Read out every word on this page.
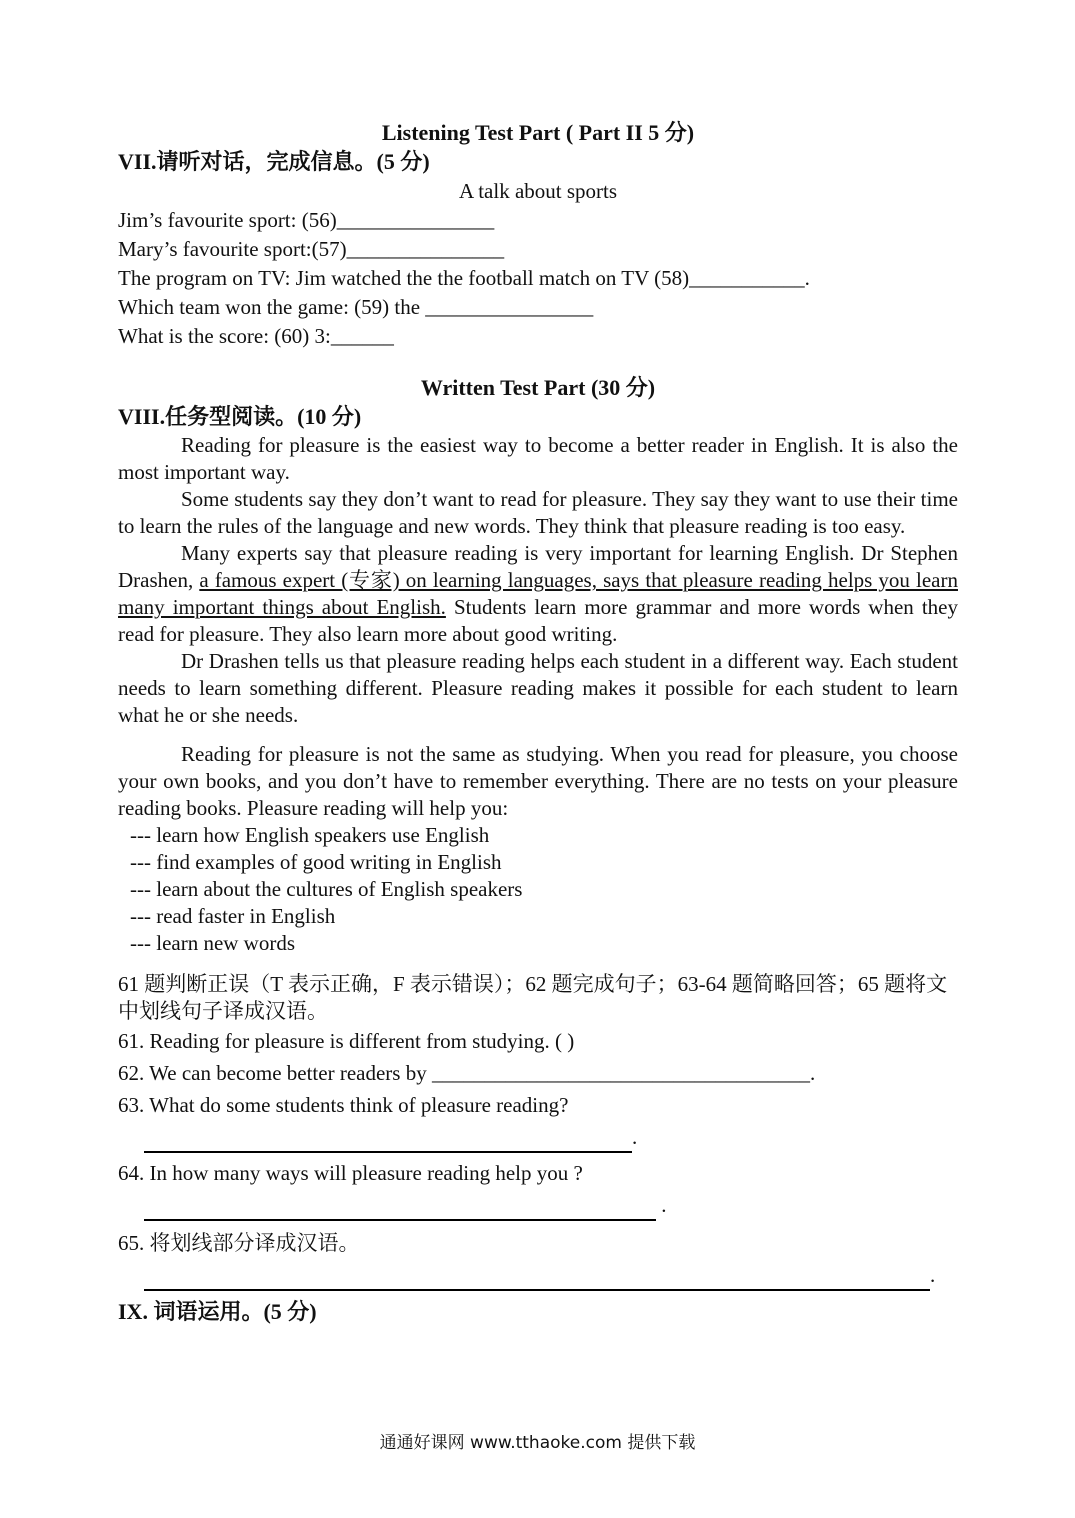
Listening Test Part ( Part II 5 分)
VII.请听对话，完成信息。(5 分)
A talk about sports
Jim’s favourite sport: (56)_______________
Mary’s favourite sport:(57)_______________
The program on TV: Jim watched the the football match on TV (58)___________.
Which team won the game: (59) the ________________
What is the score: (60) 3:______
Written Test Part (30 分)
VIII.任务型阅读。(10 分)

Reading for pleasure is the easiest way to become a better reader in English. It is also the most important way.

Some students say they don’t want to read for pleasure. They say they want to use their time to learn the rules of the language and new words. They think that pleasure reading is too easy.

Many experts say that pleasure reading is very important for learning English. Dr Stephen Drashen, a famous expert (专家) on learning languages, says that pleasure reading helps you learn many important things about English. Students learn more grammar and more words when they read for pleasure. They also learn more about good writing.

Dr Drashen tells us that pleasure reading helps each student in a different way. Each student needs to learn something different. Pleasure reading makes it possible for each student to learn what he or she needs.

Reading for pleasure is not the same as studying. When you read for pleasure, you choose your own books, and you don’t have to remember everything. There are no tests on your pleasure reading books. Pleasure reading will help you:

--- learn how English speakers use English
--- find examples of good writing in English
--- learn about the cultures of English speakers
--- read faster in English
--- learn new words
61 题判断正误（T 表示正确，F 表示错误）；62 题完成句子；63-64 题简略回答；65 题将文中划线句子译成汉语。
61. Reading for pleasure is different from studying. ( )
62. We can become better readers by ____________________________________.
63. What do some students think of pleasure reading?
.
64. In how many ways will pleasure reading help you ?
.
65. 将划线部分译成汉语。
.
IX. 词语运用。(5 分)
通通好课网 www.tthaoke.com 提供下载
